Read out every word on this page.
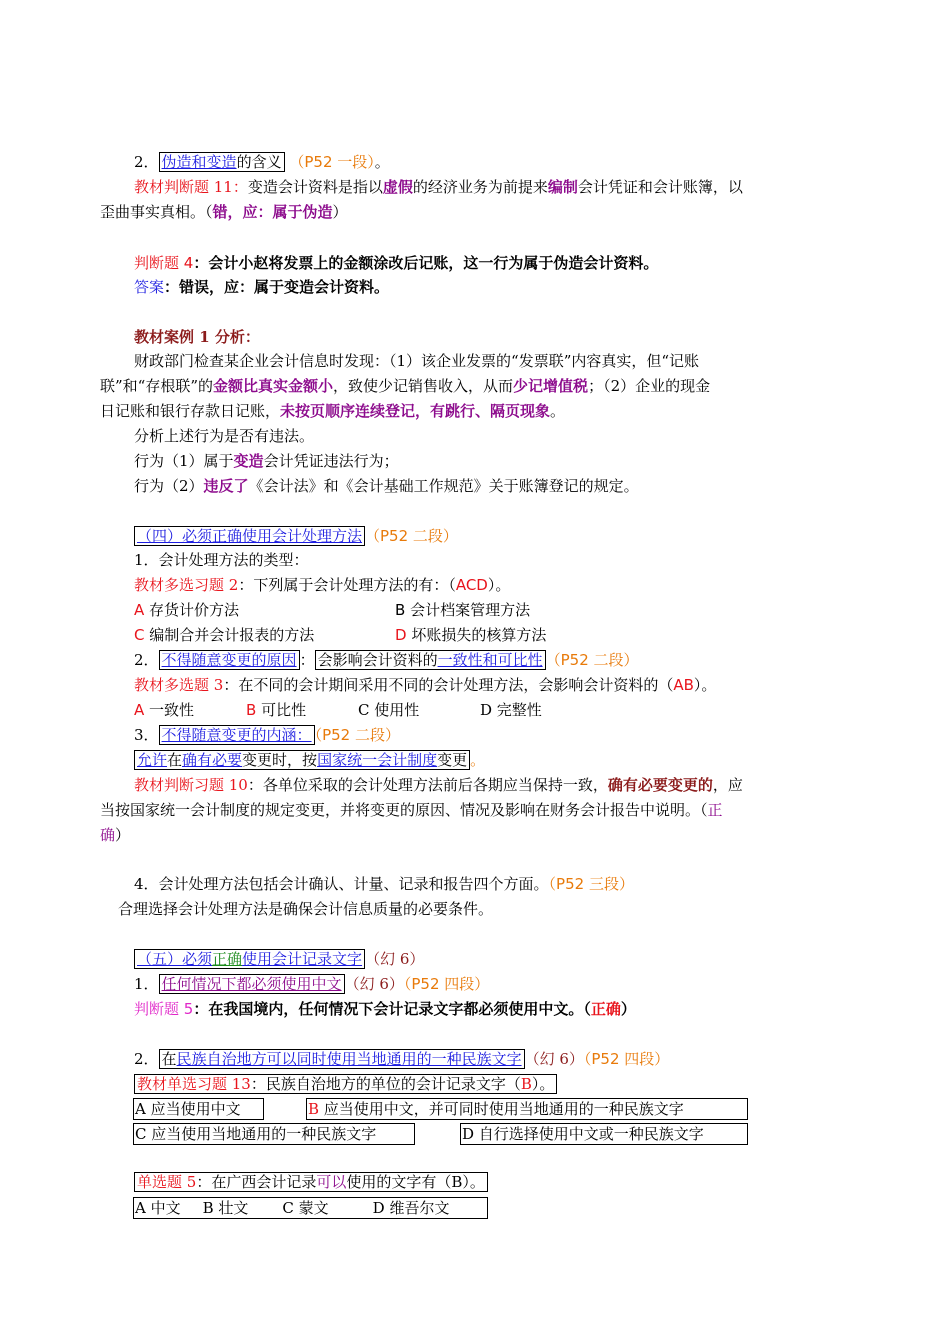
2． 伪造和变造的含义 （P52 一段）。
教材判断题 11：变造会计资料是指以虚假的经济业务为前提来编制会计凭证和会计账簿，以
歪曲事实真相。（错，应：属于伪造）
判断题 4：会计小赵将发票上的金额涂改后记账，这一行为属于伪造会计资料。
答案：错误，应：属于变造会计资料。
教材案例 1 分析：
财政部门检查某企业会计信息时发现：（1）该企业发票的“发票联”内容真实，但“记账
联”和“存根联”的金额比真实金额小，致使少记销售收入，从而少记增值税；（2）企业的现金
日记账和银行存款日记账，未按页顺序连续登记，有跳行、隔页现象。
分析上述行为是否有违法。
行为（1）属于变造会计凭证违法行为；
行为（2）违反了《会计法》和《会计基础工作规范》关于账簿登记的规定。
（四）必须正确使用会计处理方法 （P52 二段）
1．会计处理方法的类型：
教材多选习题 2：下列属于会计处理方法的有：（ACD）。
A 存货计价方法	B 会计档案管理方法
C 编制合并会计报表的方法	D 坏账损失的核算方法
2． 不得随意变更的原因 ： 会影响会计资料的一致性和可比性 （P52 二段）
教材多选题 3：在不同的会计期间采用不同的会计处理方法，会影响会计资料的（AB）。
A 一致性	B 可比性	C 使用性	D 完整性
3． 不得随意变更的内涵： （P52 二段）
允许在确有必要变更时，按国家统一会计制度变更 。
教材判断习题 10：各单位采取的会计处理方法前后各期应当保持一致，确有必要变更的，应
当按国家统一会计制度的规定变更，并将变更的原因、情况及影响在财务会计报告中说明。（正
确）
4．会计处理方法包括会计确认、计量、记录和报告四个方面。（P52 三段）
合理选择会计处理方法是确保会计信息质量的必要条件。
（五）必须正确使用会计记录文字 （幻 6）
1． 任何情况下都必须使用中文 （幻 6）（P52 四段）
判断题 5：在我国境内，任何情况下会计记录文字都必须使用中文。（正确）
2． 在民族自治地方可以同时使用当地通用的一种民族文字 （幻 6）（P52 四段）
教材单选习题 13：民族自治地方的单位的会计记录文字（B）。
A 应当使用中文	B 应当使用中文，并可同时使用当地通用的一种民族文字
C 应当使用当地通用的一种民族文字	D 自行选择使用中文或一种民族文字
单选题 5：在广西会计记录可以使用的文字有（B）。
A 中文 B 壮文 C 蒙文	D 维吾尔文
